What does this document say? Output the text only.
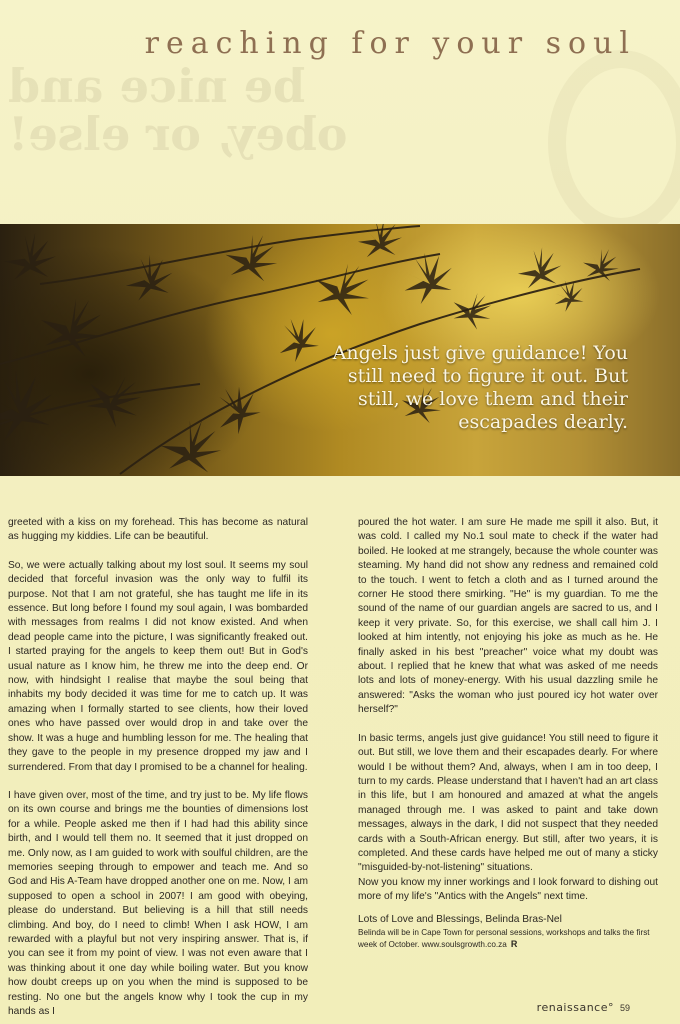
be nice and
obey, or else!
reaching for your soul
Angels just give guidance! You still need to figure it out. But still, we love them and their escapades dearly.

greeted with a kiss on my forehead. This has become as natural as hugging my kiddies. Life can be beautiful.

So, we were actually talking about my lost soul. It seems my soul decided that forceful invasion was the only way to fulfil its purpose. Not that I am not grateful, she has taught me life in its essence. But long before I found my soul again, I was bombarded with messages from realms I did not know existed. And when dead people came into the picture, I was significantly freaked out. I started praying for the angels to keep them out! But in God's usual nature as I know him, he threw me into the deep end. Or now, with hindsight I realise that maybe the soul being that inhabits my body decided it was time for me to catch up. It was amazing when I formally started to see clients, how their loved ones who have passed over would drop in and take over the show. It was a huge and humbling lesson for me. The healing that they gave to the people in my presence dropped my jaw and I surrendered. From that day I promised to be a channel for healing.

I have given over, most of the time, and try just to be. My life flows on its own course and brings me the bounties of dimensions lost for a while. People asked me then if I had had this ability since birth, and I would tell them no. It seemed that it just dropped on me. Only now, as I am guided to work with soulful children, are the memories seeping through to empower and teach me. And so God and His A-Team have dropped another one on me. Now, I am supposed to open a school in 2007! I am good with obeying, please do understand. But believing is a hill that still needs climbing. And boy, do I need to climb! When I ask HOW, I am rewarded with a playful but not very inspiring answer. That is, if you can see it from my point of view. I was not even aware that I was thinking about it one day while boiling water. But you know how doubt creeps up on you when the mind is supposed to be resting. No one but the angels know why I took the cup in my hands as I

poured the hot water. I am sure He made me spill it also. But, it was cold. I called my No.1 soul mate to check if the water had boiled. He looked at me strangely, because the whole counter was steaming. My hand did not show any redness and remained cold to the touch. I went to fetch a cloth and as I turned around the corner He stood there smirking. "He" is my guardian. To me the sound of the name of our guardian angels are sacred to us, and I keep it very private. So, for this exercise, we shall call him J. I looked at him intently, not enjoying his joke as much as he. He finally asked in his best "preacher" voice what my doubt was about. I replied that he knew that what was asked of me needs lots and lots of money-energy. With his usual dazzling smile he answered: "Asks the woman who just poured icy hot water over herself?"

In basic terms, angels just give guidance! You still need to figure it out. But still, we love them and their escapades dearly. For where would I be without them? And, always, when I am in too deep, I turn to my cards. Please understand that I haven't had an art class in this life, but I am honoured and amazed at what the angels managed through me. I was asked to paint and take down messages, always in the dark, I did not suspect that they needed cards with a South-African energy. But still, after two years, it is completed. And these cards have helped me out of many a sticky "misguided-by-not-listening" situations.

Now you know my inner workings and I look forward to dishing out more of my life's "Antics with the Angels" next time.

Lots of Love and Blessings, Belinda Bras-Nel
Belinda will be in Cape Town for personal sessions, workshops and talks the first week of October. www.soulsgrowth.co.za R
renaissance° 59
